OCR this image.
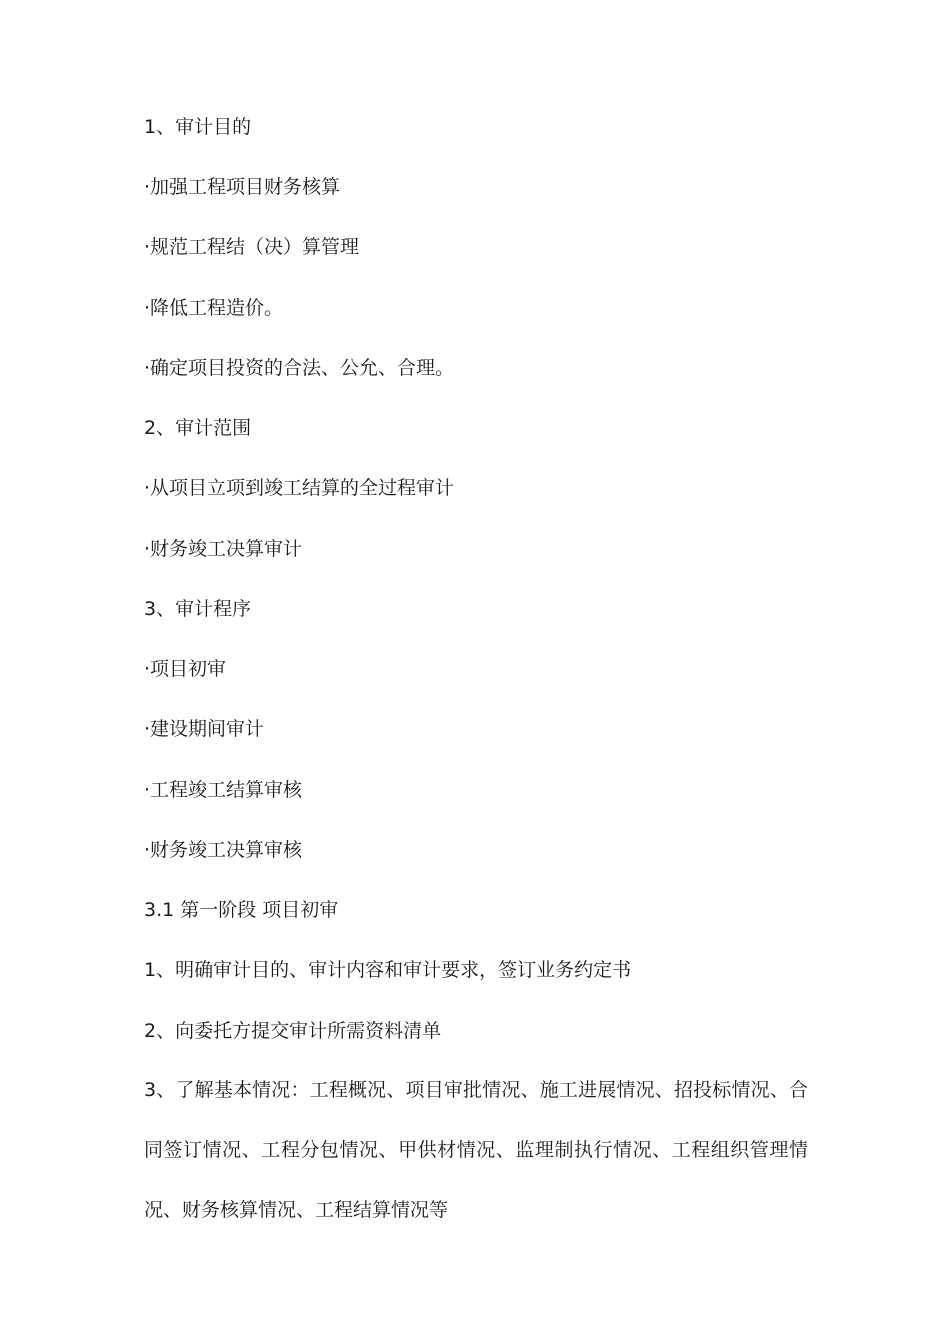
1、审计目的
·加强工程项目财务核算
·规范工程结（决）算管理
·降低工程造价。
·确定项目投资的合法、公允、合理。
2、审计范围
·从项目立项到竣工结算的全过程审计
·财务竣工决算审计
3、审计程序
·项目初审
·建设期间审计
·工程竣工结算审核
·财务竣工决算审核
3.1 第一阶段 项目初审
1、明确审计目的、审计内容和审计要求，签订业务约定书
2、向委托方提交审计所需资料清单
3、了解基本情况：工程概况、项目审批情况、施工进展情况、招投标情况、合同签订情况、工程分包情况、甲供材情况、监理制执行情况、工程组织管理情况、财务核算情况、工程结算情况等
